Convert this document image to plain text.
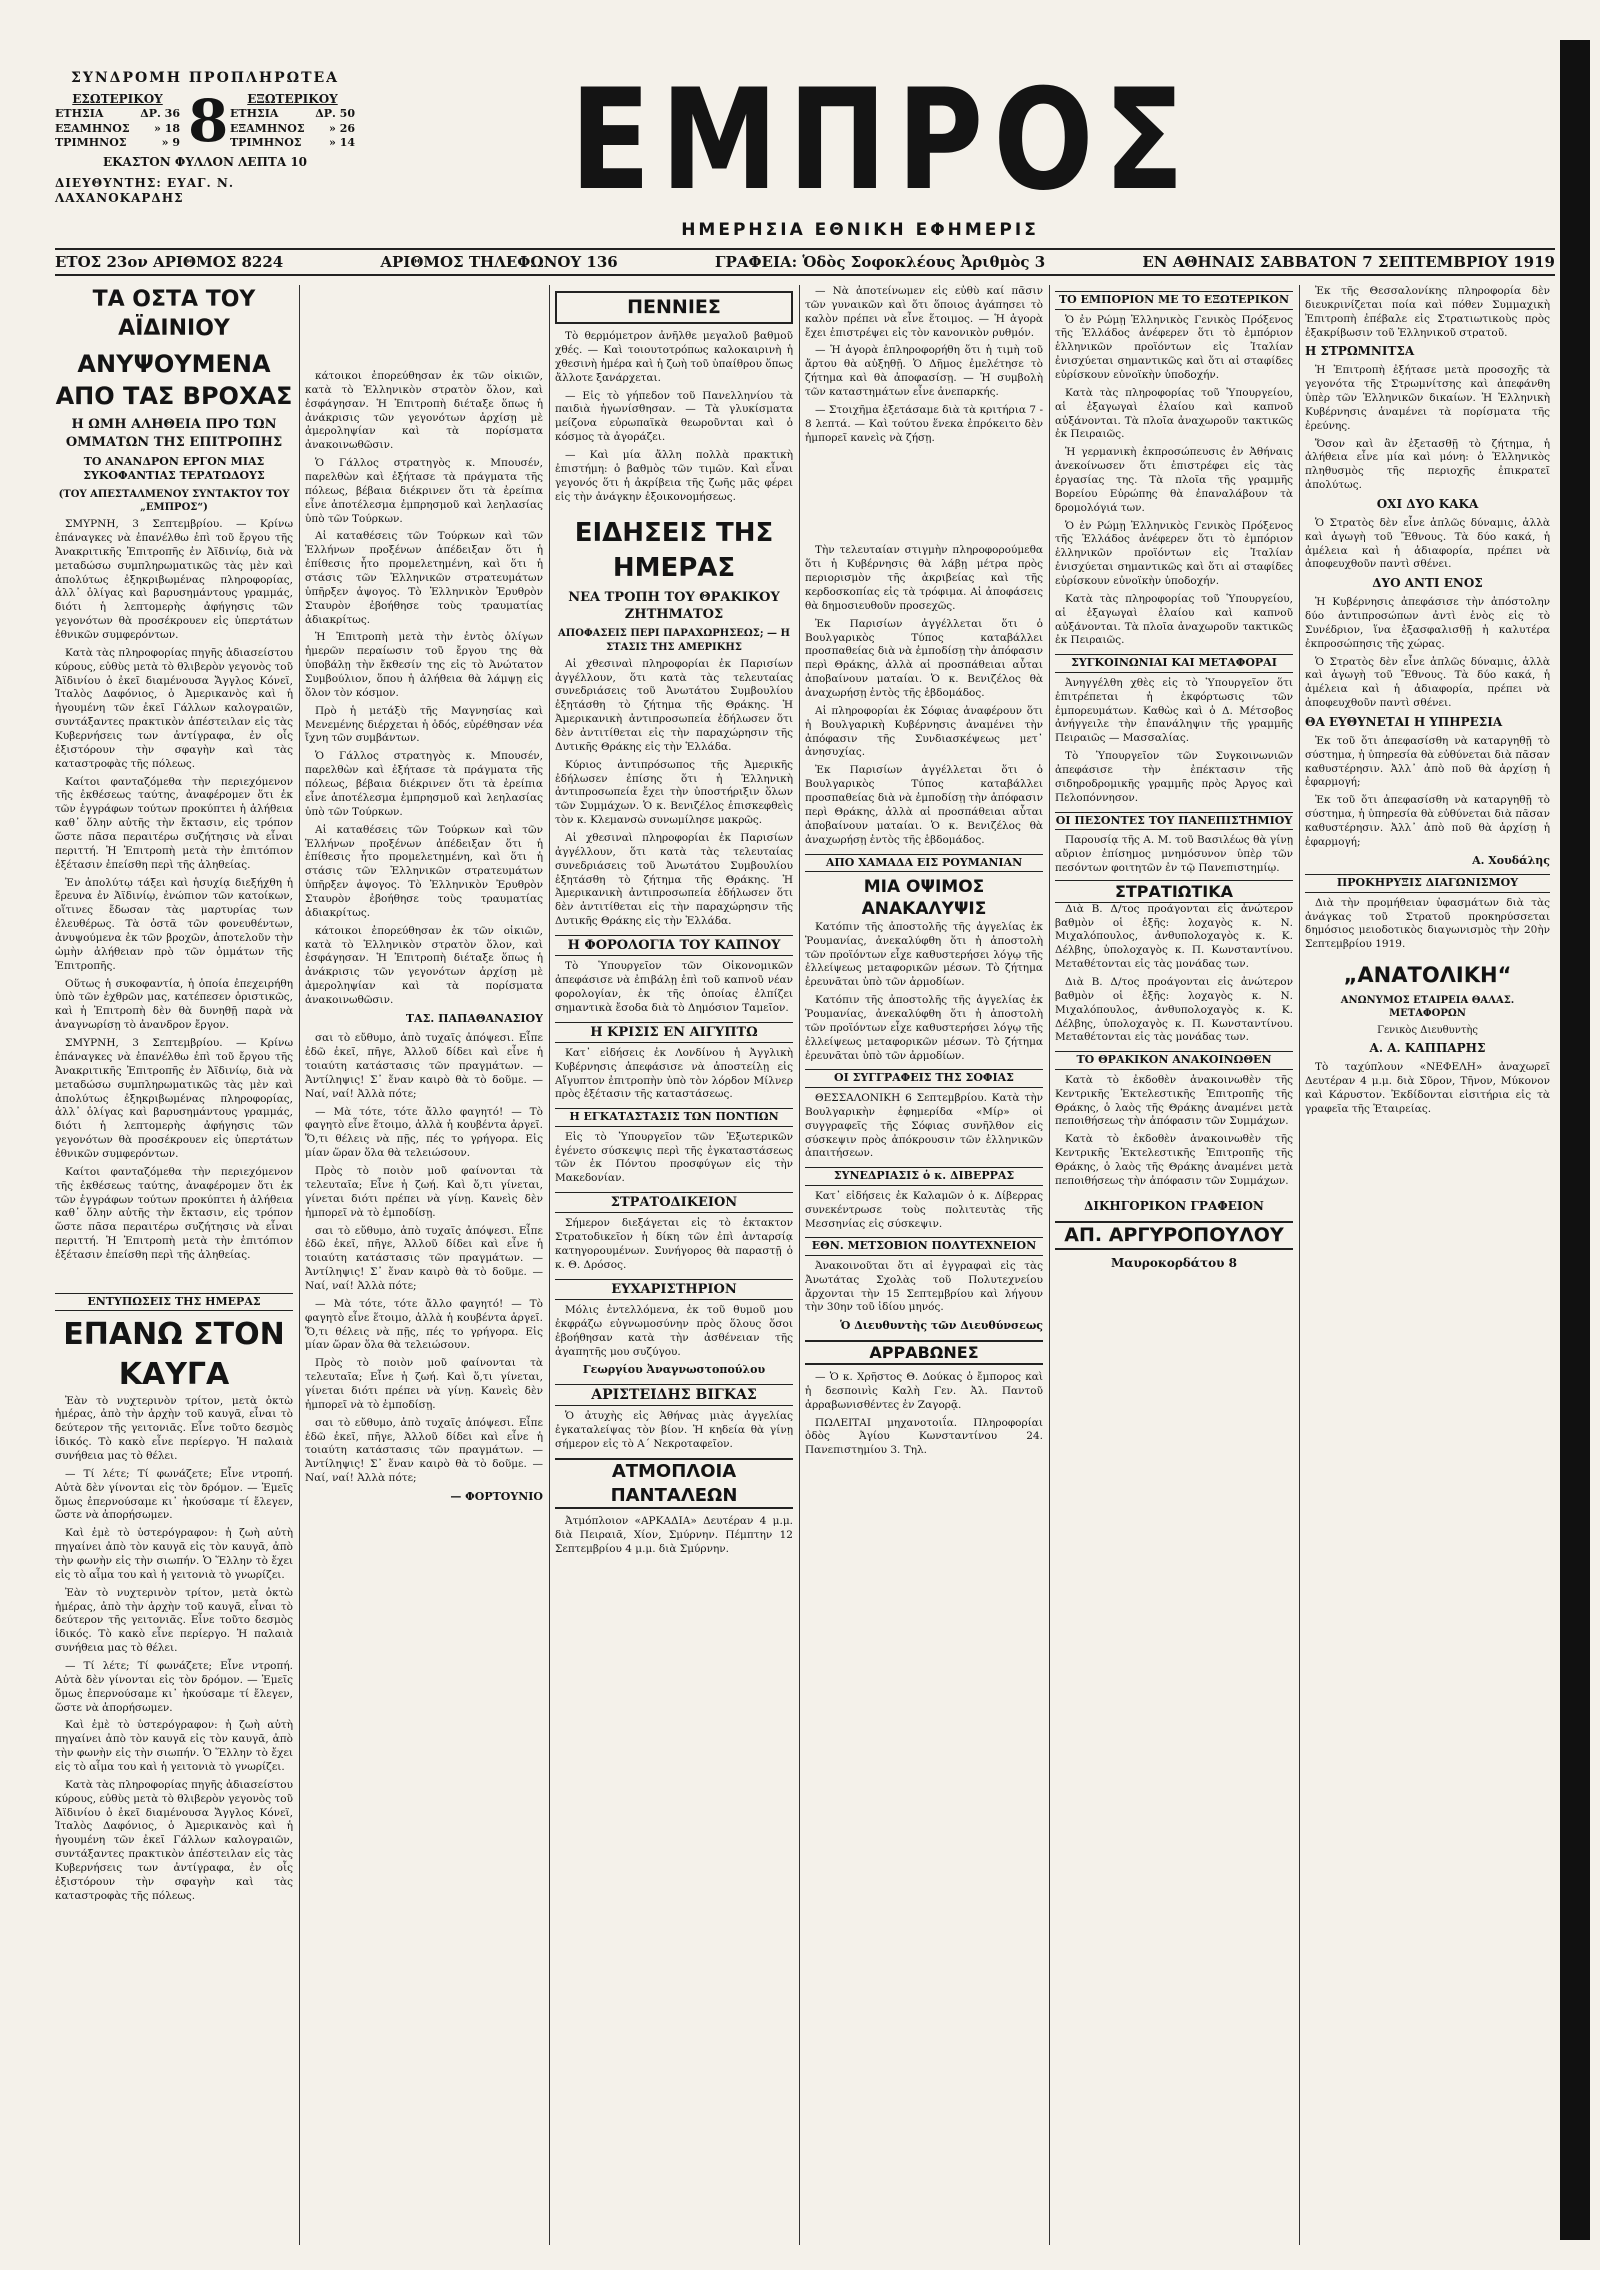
ΣΥΝΔΡΟΜΗ ΠΡΟΠΛΗΡΩΤΕΑ
ΕΣΩΤΕΡΙΚΟΥ
ΕΤΗΣΙΑ	ΔΡ. 36
ΕΞΑΜΗΝΟΣ » 18
ΤΡΙΜΗΝΟΣ	» 9
ΕΞΩΤΕΡΙΚΟΥ
ΕΤΗΣΙΑ	ΔΡ. 50
ΕΞΑΜΗΝΟΣ » 26
ΤΡΙΜΗΝΟΣ » 14
8
ΕΚΑΣΤΟΝ ΦΥΛΛΟΝ ΛΕΠΤΑ 10
ΔΙΕΥΘΥΝΤΗΣ: ΕΥΑΓ. Ν. ΛΑΧΑΝΟΚΑΡΔΗΣ	ΕΜΠΡΟΣ
ΗΜΕΡΗΣΙΑ ΕΘΝΙΚΗ ΕΦΗΜΕΡΙΣ
ΕΤΟΣ 23ον ΑΡΙΘΜΟΣ 8224	ΑΡΙΘΜΟΣ ΤΗΛΕΦΩΝΟΥ 136	ΓΡΑΦΕΙΑ: Ὁδὸς Σοφοκλέους Ἀριθμὸς 3	ΕΝ ΑΘΗΝΑΙΣ ΣΑΒΒΑΤΟΝ 7 ΣΕΠΤΕΜΒΡΙΟΥ 1919
ΤΑ ΟΣΤΑ ΤΟΥ ΑΪΔΙΝΙΟΥ
ΑΝΥΨΟΥΜΕΝΑ ΑΠΟ ΤΑΣ ΒΡΟΧΑΣ
Η ΩΜΗ ΑΛΗΘΕΙΑ ΠΡΟ ΤΩΝ ΟΜΜΑΤΩΝ ΤΗΣ ΕΠΙΤΡΟΠΗΣ
ΤΟ ΑΝΑΝΔΡΟΝ ΕΡΓΟΝ ΜΙΑΣ ΣΥΚΟΦΑΝΤΙΑΣ ΤΕΡΑΤΩΔΟΥΣ
(ΤΟΥ ΑΠΕΣΤΑΛΜΕΝΟΥ ΣΥΝΤΑΚΤΟΥ ΤΟΥ „ΕΜΠΡΟΣ“)

ΣΜΥΡΝΗ, 3 Σεπτεμβρίου. — Κρίνω ἐπάναγκες νὰ ἐπανέλθω ἐπὶ τοῦ ἔργου τῆς Ἀνακριτικῆς Ἐπιτροπῆς ἐν Ἀϊδινίῳ, διὰ νὰ μεταδώσω συμπληρωματικῶς τὰς μὲν καὶ ἀπολύτως ἐξηκριβωμένας πληροφορίας, ἀλλ᾽ ὀλίγας καὶ βαρυσημάντους γραμμάς, διότι ἡ λεπτομερὴς ἀφήγησις τῶν γεγονότων θὰ προσέκρουεν εἰς ὑπερτάτων ἐθνικῶν συμφερόντων.

Κατὰ τὰς πληροφορίας πηγῆς ἀδιασείστου κύρους, εὐθὺς μετὰ τὸ θλιβερὸν γεγονὸς τοῦ Ἀϊδινίου ὁ ἐκεῖ διαμένουσα Ἄγγλος Κόνεϊ, Ἰταλὸς Δαφόνιος, ὁ Ἀμερικανὸς καὶ ἡ ἡγουμένη τῶν ἐκεῖ Γάλλων καλογραιῶν, συντάξαντες πρακτικὸν ἀπέστειλαν εἰς τὰς Κυβερνήσεις των ἀντίγραφα, ἐν οἷς ἐξιστόρουν τὴν σφαγὴν καὶ τὰς καταστροφὰς τῆς πόλεως.

Καίτοι φανταζόμεθα τὴν περιεχόμενον τῆς ἐκθέσεως ταύτης, ἀναφέρομεν ὅτι ἐκ τῶν ἐγγράφων τούτων προκύπτει ἡ ἀλήθεια καθ᾽ ὅλην αὐτῆς τὴν ἔκτασιν, εἰς τρόπον ὥστε πᾶσα περαιτέρω συζήτησις νὰ εἶναι περιττή. Ἡ Ἐπιτροπὴ μετὰ τὴν ἐπιτόπιον ἐξέτασιν ἐπείσθη περὶ τῆς ἀληθείας.

Ἐν ἀπολύτῳ τάξει καὶ ἡσυχίᾳ διεξήχθη ἡ ἔρευνα ἐν Ἀϊδινίῳ, ἐνώπιον τῶν κατοίκων, οἵτινες ἔδωσαν τὰς μαρτυρίας των ἐλευθέρως. Τὰ ὀστᾶ τῶν φονευθέντων, ἀνυψούμενα ἐκ τῶν βροχῶν, ἀποτελοῦν τὴν ὠμὴν ἀλήθειαν πρὸ τῶν ὀμμάτων τῆς Ἐπιτροπῆς.

Οὕτως ἡ συκοφαντία, ἡ ὁποία ἐπεχειρήθη ὑπὸ τῶν ἐχθρῶν μας, κατέπεσεν ὁριστικῶς, καὶ ἡ Ἐπιτροπὴ δὲν θὰ δυνηθῇ παρὰ νὰ ἀναγνωρίσῃ τὸ ἀνανδρον ἔργον.

ΣΜΥΡΝΗ, 3 Σεπτεμβρίου. — Κρίνω ἐπάναγκες νὰ ἐπανέλθω ἐπὶ τοῦ ἔργου τῆς Ἀνακριτικῆς Ἐπιτροπῆς ἐν Ἀϊδινίῳ, διὰ νὰ μεταδώσω συμπληρωματικῶς τὰς μὲν καὶ ἀπολύτως ἐξηκριβωμένας πληροφορίας, ἀλλ᾽ ὀλίγας καὶ βαρυσημάντους γραμμάς, διότι ἡ λεπτομερὴς ἀφήγησις τῶν γεγονότων θὰ προσέκρουεν εἰς ὑπερτάτων ἐθνικῶν συμφερόντων.

Καίτοι φανταζόμεθα τὴν περιεχόμενον τῆς ἐκθέσεως ταύτης, ἀναφέρομεν ὅτι ἐκ τῶν ἐγγράφων τούτων προκύπτει ἡ ἀλήθεια καθ᾽ ὅλην αὐτῆς τὴν ἔκτασιν, εἰς τρόπον ὥστε πᾶσα περαιτέρω συζήτησις νὰ εἶναι περιττή. Ἡ Ἐπιτροπὴ μετὰ τὴν ἐπιτόπιον ἐξέτασιν ἐπείσθη περὶ τῆς ἀληθείας.

ΕΝΤΥΠΩΣΕΙΣ ΤΗΣ ΗΜΕΡΑΣ
ΕΠΑΝΩ ΣΤΟΝ ΚΑΥΓΑ

Ἐὰν τὸ νυχτερινὸν τρίτον, μετὰ ὀκτὼ ἡμέρας, ἀπὸ τὴν ἀρχὴν τοῦ καυγᾶ, εἶναι τὸ δεύτερον τῆς γειτονιᾶς. Εἶνε τοῦτο δεσμὸς ἰδικός. Τὸ κακὸ εἶνε περίεργο. Ἡ παλαιὰ συνήθεια μας τὸ θέλει.

— Τί λέτε; Τί φωνάζετε; Εἶνε ντροπή. Αὐτὰ δὲν γίνονται εἰς τὸν δρόμον. — Ἐμεῖς ὅμως ἐπερνούσαμε κι᾽ ἠκούσαμε τί ἔλεγεν, ὥστε νὰ ἀπορήσωμεν.

Καὶ ἐμὲ τὸ ὑστερόγραφον: ἡ ζωὴ αὐτὴ πηγαίνει ἀπὸ τὸν καυγᾶ εἰς τὸν καυγᾶ, ἀπὸ τὴν φωνὴν εἰς τὴν σιωπήν. Ὁ Ἕλλην τὸ ἔχει εἰς τὸ αἷμα του καὶ ἡ γειτονιὰ τὸ γνωρίζει.

Ἐὰν τὸ νυχτερινὸν τρίτον, μετὰ ὀκτὼ ἡμέρας, ἀπὸ τὴν ἀρχὴν τοῦ καυγᾶ, εἶναι τὸ δεύτερον τῆς γειτονιᾶς. Εἶνε τοῦτο δεσμὸς ἰδικός. Τὸ κακὸ εἶνε περίεργο. Ἡ παλαιὰ συνήθεια μας τὸ θέλει.

— Τί λέτε; Τί φωνάζετε; Εἶνε ντροπή. Αὐτὰ δὲν γίνονται εἰς τὸν δρόμον. — Ἐμεῖς ὅμως ἐπερνούσαμε κι᾽ ἠκούσαμε τί ἔλεγεν, ὥστε νὰ ἀπορήσωμεν.

Καὶ ἐμὲ τὸ ὑστερόγραφον: ἡ ζωὴ αὐτὴ πηγαίνει ἀπὸ τὸν καυγᾶ εἰς τὸν καυγᾶ, ἀπὸ τὴν φωνὴν εἰς τὴν σιωπήν. Ὁ Ἕλλην τὸ ἔχει εἰς τὸ αἷμα του καὶ ἡ γειτονιὰ τὸ γνωρίζει.

Κατὰ τὰς πληροφορίας πηγῆς ἀδιασείστου κύρους, εὐθὺς μετὰ τὸ θλιβερὸν γεγονὸς τοῦ Ἀϊδινίου ὁ ἐκεῖ διαμένουσα Ἄγγλος Κόνεϊ, Ἰταλὸς Δαφόνιος, ὁ Ἀμερικανὸς καὶ ἡ ἡγουμένη τῶν ἐκεῖ Γάλλων καλογραιῶν, συντάξαντες πρακτικὸν ἀπέστειλαν εἰς τὰς Κυβερνήσεις των ἀντίγραφα, ἐν οἷς ἐξιστόρουν τὴν σφαγὴν καὶ τὰς καταστροφὰς τῆς πόλεως.

κάτοικοι ἐπορεύθησαν ἐκ τῶν οἰκιῶν, κατὰ τὸ Ἑλληνικὸν στρατὸν ὅλον, καὶ ἐσφάγησαν. Ἡ Ἐπιτροπὴ διέταξε ὅπως ἡ ἀνάκρισις τῶν γεγονότων ἀρχίσῃ μὲ ἀμεροληψίαν καὶ τὰ πορίσματα ἀνακοινωθῶσιν.

Ὁ Γάλλος στρατηγὸς κ. Μπουσέν, παρελθὼν καὶ ἐξήτασε τὰ πράγματα τῆς πόλεως, βέβαια διέκρινεν ὅτι τὰ ἐρείπια εἶνε ἀποτέλεσμα ἐμπρησμοῦ καὶ λεηλασίας ὑπὸ τῶν Τούρκων.

Αἱ καταθέσεις τῶν Τούρκων καὶ τῶν Ἑλλήνων προξένων ἀπέδειξαν ὅτι ἡ ἐπίθεσις ἦτο προμελετημένη, καὶ ὅτι ἡ στάσις τῶν Ἑλληνικῶν στρατευμάτων ὑπῆρξεν ἀψογος. Τὸ Ἑλληνικὸν Ἐρυθρὸν Σταυρὸν ἐβοήθησε τοὺς τραυματίας ἀδιακρίτως.

Ἡ Ἐπιτροπὴ μετὰ τὴν ἐντὸς ὀλίγων ἡμερῶν περαίωσιν τοῦ ἔργου της θὰ ὑποβάλῃ τὴν ἔκθεσίν της εἰς τὸ Ἀνώτατον Συμβούλιον, ὅπου ἡ ἀλήθεια θὰ λάμψῃ εἰς ὅλον τὸν κόσμον.

Πρὸ ἡ μετάξὺ τῆς Μαγνησίας καὶ Μενεμένης διέρχεται ἡ ὁδός, εὑρέθησαν νέα ἴχνη τῶν συμβάντων.

Ὁ Γάλλος στρατηγὸς κ. Μπουσέν, παρελθὼν καὶ ἐξήτασε τὰ πράγματα τῆς πόλεως, βέβαια διέκρινεν ὅτι τὰ ἐρείπια εἶνε ἀποτέλεσμα ἐμπρησμοῦ καὶ λεηλασίας ὑπὸ τῶν Τούρκων.

Αἱ καταθέσεις τῶν Τούρκων καὶ τῶν Ἑλλήνων προξένων ἀπέδειξαν ὅτι ἡ ἐπίθεσις ἦτο προμελετημένη, καὶ ὅτι ἡ στάσις τῶν Ἑλληνικῶν στρατευμάτων ὑπῆρξεν ἀψογος. Τὸ Ἑλληνικὸν Ἐρυθρὸν Σταυρὸν ἐβοήθησε τοὺς τραυματίας ἀδιακρίτως.

κάτοικοι ἐπορεύθησαν ἐκ τῶν οἰκιῶν, κατὰ τὸ Ἑλληνικὸν στρατὸν ὅλον, καὶ ἐσφάγησαν. Ἡ Ἐπιτροπὴ διέταξε ὅπως ἡ ἀνάκρισις τῶν γεγονότων ἀρχίσῃ μὲ ἀμεροληψίαν καὶ τὰ πορίσματα ἀνακοινωθῶσιν.

ΤΑΣ. ΠΑΠΑΘΑΝΑΣΙΟΥ

σαι τὸ εὔθυμο, ἀπὸ τυχαῖς ἀπόψεσι. Εἶπε ἐδῶ ἐκεῖ, πῆγε, Ἀλλοῦ δίδει καὶ εἶνε ἡ τοιαύτη κατάστασις τῶν πραγμάτων. — Ἀντίληψις! Σ᾽ ἕναν καιρὸ θὰ τὸ δοῦμε. — Ναί, ναί! Ἀλλὰ πότε;

— Μὰ τότε, τότε ἄλλο φαγητό! — Τὸ φαγητὸ εἶνε ἕτοιμο, ἀλλὰ ἡ κουβέντα ἀργεῖ. Ὅ,τι θέλεις νὰ πῇς, πές το γρήγορα. Εἰς μίαν ὥραν ὅλα θὰ τελειώσουν.

Πρὸς τὸ ποιὸν μοῦ φαίνονται τὰ τελευταῖα; Εἶνε ἡ ζωή. Καὶ ὅ,τι γίνεται, γίνεται διότι πρέπει νὰ γίνῃ. Κανεὶς δὲν ἠμπορεῖ νὰ τὸ ἐμποδίσῃ.

σαι τὸ εὔθυμο, ἀπὸ τυχαῖς ἀπόψεσι. Εἶπε ἐδῶ ἐκεῖ, πῆγε, Ἀλλοῦ δίδει καὶ εἶνε ἡ τοιαύτη κατάστασις τῶν πραγμάτων. — Ἀντίληψις! Σ᾽ ἕναν καιρὸ θὰ τὸ δοῦμε. — Ναί, ναί! Ἀλλὰ πότε;

— Μὰ τότε, τότε ἄλλο φαγητό! — Τὸ φαγητὸ εἶνε ἕτοιμο, ἀλλὰ ἡ κουβέντα ἀργεῖ. Ὅ,τι θέλεις νὰ πῇς, πές το γρήγορα. Εἰς μίαν ὥραν ὅλα θὰ τελειώσουν.

Πρὸς τὸ ποιὸν μοῦ φαίνονται τὰ τελευταῖα; Εἶνε ἡ ζωή. Καὶ ὅ,τι γίνεται, γίνεται διότι πρέπει νὰ γίνῃ. Κανεὶς δὲν ἠμπορεῖ νὰ τὸ ἐμποδίσῃ.

σαι τὸ εὔθυμο, ἀπὸ τυχαῖς ἀπόψεσι. Εἶπε ἐδῶ ἐκεῖ, πῆγε, Ἀλλοῦ δίδει καὶ εἶνε ἡ τοιαύτη κατάστασις τῶν πραγμάτων. — Ἀντίληψις! Σ᾽ ἕναν καιρὸ θὰ τὸ δοῦμε. — Ναί, ναί! Ἀλλὰ πότε;

— ΦΟΡΤΟΥΝΙΟ
ΠΕΝΝΙΕΣ

Τὸ θερμόμετρον ἀνῆλθε μεγαλοῦ βαθμοῦ χθές. — Καὶ τοιουτοτρόπως καλοκαιρινὴ ἡ χθεσινὴ ἡμέρα καὶ ἡ ζωὴ τοῦ ὑπαίθρου ὅπως ἄλλοτε ξανάρχεται.

— Εἰς τὸ γήπεδον τοῦ Πανελληνίου τὰ παιδιὰ ἠγωνίσθησαν. — Τὰ γλυκίσματα μείζονα εὐρωπαϊκὰ θεωροῦνται καὶ ὁ κόσμος τὰ ἀγοράζει.

— Καὶ μία ἄλλη πολλὰ πρακτικὴ ἐπιστήμη: ὁ βαθμὸς τῶν τιμῶν. Καὶ εἶναι γεγονός ὅτι ἡ ἀκρίβεια τῆς ζωῆς μᾶς φέρει εἰς τὴν ἀνάγκην ἐξοικονομήσεως.

ΕΙΔΗΣΕΙΣ ΤΗΣ ΗΜΕΡΑΣ
ΝΕΑ ΤΡΟΠΗ ΤΟΥ ΘΡΑΚΙΚΟΥ ΖΗΤΗΜΑΤΟΣ
ΑΠΟΦΑΣΕΙΣ ΠΕΡΙ ΠΑΡΑΧΩΡΗΣΕΩΣ; — Η ΣΤΑΣΙΣ ΤΗΣ ΑΜΕΡΙΚΗΣ

Αἱ χθεσιναὶ πληροφορίαι ἐκ Παρισίων ἀγγέλλουν, ὅτι κατὰ τὰς τελευταίας συνεδριάσεις τοῦ Ἀνωτάτου Συμβουλίου ἐξητάσθη τὸ ζήτημα τῆς Θράκης. Ἡ Ἀμερικανικὴ ἀντιπροσωπεία ἐδήλωσεν ὅτι δὲν ἀντιτίθεται εἰς τὴν παραχώρησιν τῆς Δυτικῆς Θράκης εἰς τὴν Ἑλλάδα.

Κύριος ἀντιπρόσωπος τῆς Ἀμερικῆς ἐδήλωσεν ἐπίσης ὅτι ἡ Ἑλληνικὴ ἀντιπροσωπεία ἔχει τὴν ὑποστήριξιν ὅλων τῶν Συμμάχων. Ὁ κ. Βενιζέλος ἐπισκεφθεὶς τὸν κ. Κλεμανσὼ συνωμίλησε μακρῶς.

Αἱ χθεσιναὶ πληροφορίαι ἐκ Παρισίων ἀγγέλλουν, ὅτι κατὰ τὰς τελευταίας συνεδριάσεις τοῦ Ἀνωτάτου Συμβουλίου ἐξητάσθη τὸ ζήτημα τῆς Θράκης. Ἡ Ἀμερικανικὴ ἀντιπροσωπεία ἐδήλωσεν ὅτι δὲν ἀντιτίθεται εἰς τὴν παραχώρησιν τῆς Δυτικῆς Θράκης εἰς τὴν Ἑλλάδα.

Η ΦΟΡΟΛΟΓΙΑ ΤΟΥ ΚΑΠΝΟΥ

Τὸ Ὑπουργεῖον τῶν Οἰκονομικῶν ἀπεφάσισε νὰ ἐπιβάλῃ ἐπὶ τοῦ καπνοῦ νέαν φορολογίαν, ἐκ τῆς ὁποίας ἐλπίζει σημαντικὰ ἔσοδα διὰ τὸ Δημόσιον Ταμεῖον.

Η ΚΡΙΣΙΣ ΕΝ ΑΙΓΥΠΤΩ

Κατ᾽ εἰδήσεις ἐκ Λονδίνου ἡ Ἀγγλικὴ Κυβέρνησις ἀπεφάσισε νὰ ἀποστείλῃ εἰς Αἴγυπτον ἐπιτροπὴν ὑπὸ τὸν λόρδον Μίλνερ πρὸς ἐξέτασιν τῆς καταστάσεως.

Η ΕΓΚΑΤΑΣΤΑΣΙΣ ΤΩΝ ΠΟΝΤΙΩΝ

Εἰς τὸ Ὑπουργεῖον τῶν Ἐξωτερικῶν ἐγένετο σύσκεψις περὶ τῆς ἐγκαταστάσεως τῶν ἐκ Πόντου προσφύγων εἰς τὴν Μακεδονίαν.

ΣΤΡΑΤΟΔΙΚΕΙΟΝ

Σήμερον διεξάγεται εἰς τὸ ἐκτακτον Στρατοδικεῖον ἡ δίκη τῶν ἐπὶ ἀνταρσίᾳ κατηγορουμένων. Συνήγορος θὰ παραστῇ ὁ κ. Θ. Δρόσος.

ΕΥΧΑΡΙΣΤΗΡΙΟΝ

Μόλις ἐντελλόμενα, ἐκ τοῦ θυμοῦ μου ἐκφράζω εὐγνωμοσύνην πρὸς ὅλους ὅσοι ἐβοήθησαν κατὰ τὴν ἀσθένειαν τῆς ἀγαπητῆς μου συζύγου.

Γεωργίου Ἀναγνωστοπούλου
ΑΡΙΣΤΕΙΔΗΣ ΒΙΓΚΑΣ

Ὁ ἀτυχὴς εἰς Ἀθήνας μιὰς ἀγγελίας ἐγκαταλείψας τὸν βίον. Ἡ κηδεία θὰ γίνῃ σήμερον εἰς τὸ Α΄ Νεκροταφεῖον.

ΑΤΜΟΠΛΟΙΑ ΠΑΝΤΑΛΕΩΝ

Ἀτμόπλοιον «ΑΡΚΑΔΙΑ» Δευτέραν 4 μ.μ. διὰ Πειραιᾶ, Χίον, Σμύρνην. Πέμπτην 12 Σεπτεμβρίου 4 μ.μ. διὰ Σμύρνην.

— Νὰ ἀποτείνωμεν εἰς εὐθὺ καί πᾶσιν τῶν γυναικῶν καὶ ὅτι ὅποιος ἀγάπησει τὸ καλὸν πρέπει νὰ εἶνε ἕτοιμος. — Ἡ ἀγορὰ ἔχει ἐπιστρέψει εἰς τὸν κανονικὸν ρυθμόν.

— Ἡ ἀγορὰ ἐπληροφορήθη ὅτι ἡ τιμὴ τοῦ ἄρτου θὰ αὐξηθῇ. Ὁ Δῆμος ἐμελέτησε τὸ ζήτημα καὶ θὰ ἀποφασίσῃ. — Ἡ συμβολὴ τῶν καταστημάτων εἶνε ἀνεπαρκής.

— Στοιχῆμα ἐξετάσαμε διὰ τὰ κριτήρια 7 - 8 λεπτά. — Καὶ τούτου ἕνεκα ἐπρόκειτο δὲν ἠμπορεῖ κανεὶς νὰ ζήσῃ.

Τὴν τελευταίαν στιγμὴν πληροφορούμεθα ὅτι ἡ Κυβέρνησις θὰ λάβῃ μέτρα πρὸς περιορισμὸν τῆς ἀκριβείας καὶ τῆς κερδοσκοπίας εἰς τὰ τρόφιμα. Αἱ ἀποφάσεις θὰ δημοσιευθοῦν προσεχῶς.

Ἐκ Παρισίων ἀγγέλλεται ὅτι ὁ Βουλγαρικὸς Τύπος καταβάλλει προσπαθείας διὰ νὰ ἐμποδίσῃ τὴν ἀπόφασιν περὶ Θράκης, ἀλλὰ αἱ προσπάθειαι αὗται ἀποβαίνουν ματαίαι. Ὁ κ. Βενιζέλος θὰ ἀναχωρήσῃ ἐντὸς τῆς ἑβδομάδος.

Αἱ πληροφορίαι ἐκ Σόφιας ἀναφέρουν ὅτι ἡ Βουλγαρικὴ Κυβέρνησις ἀναμένει τὴν ἀπόφασιν τῆς Συνδιασκέψεως μετ᾽ ἀνησυχίας.

Ἐκ Παρισίων ἀγγέλλεται ὅτι ὁ Βουλγαρικὸς Τύπος καταβάλλει προσπαθείας διὰ νὰ ἐμποδίσῃ τὴν ἀπόφασιν περὶ Θράκης, ἀλλὰ αἱ προσπάθειαι αὗται ἀποβαίνουν ματαίαι. Ὁ κ. Βενιζέλος θὰ ἀναχωρήσῃ ἐντὸς τῆς ἑβδομάδος.

ΑΠΟ ΧΑΜΑΔΑ ΕΙΣ ΡΟΥΜΑΝΙΑΝ
ΜΙΑ ΟΨΙΜΟΣ ΑΝΑΚΑΛΥΨΙΣ

Κατόπιν τῆς ἀποστολῆς τῆς ἀγγελίας ἐκ Ῥουμανίας, ἀνεκαλύφθη ὅτι ἡ ἀποστολὴ τῶν προϊόντων εἶχε καθυστερήσει λόγῳ τῆς ἐλλείψεως μεταφορικῶν μέσων. Τὸ ζήτημα ἐρευνᾶται ὑπὸ τῶν ἀρμοδίων.

Κατόπιν τῆς ἀποστολῆς τῆς ἀγγελίας ἐκ Ῥουμανίας, ἀνεκαλύφθη ὅτι ἡ ἀποστολὴ τῶν προϊόντων εἶχε καθυστερήσει λόγῳ τῆς ἐλλείψεως μεταφορικῶν μέσων. Τὸ ζήτημα ἐρευνᾶται ὑπὸ τῶν ἀρμοδίων.

ΟΙ ΣΥΓΓΡΑΦΕΙΣ ΤΗΣ ΣΟΦΙΑΣ

ΘΕΣΣΑΛΟΝΙΚΗ 6 Σεπτεμβρίου. Κατὰ τὴν Βουλγαρικὴν ἐφημερίδα «Μίρ» οἱ συγγραφεῖς τῆς Σόφιας συνῆλθον εἰς σύσκεψιν πρὸς ἀπόκρουσιν τῶν ἑλληνικῶν ἀπαιτήσεων.

ΣΥΝΕΔΡΙΑΣΙΣ ὁ κ. ΔΙΒΕΡΡΑΣ

Κατ᾽ εἰδήσεις ἐκ Καλαμῶν ὁ κ. Δίβερρας συνεκέντρωσε τοὺς πολιτευτὰς τῆς Μεσσηνίας εἰς σύσκεψιν.

ΕΘΝ. ΜΕΤΣΟΒΙΟΝ ΠΟΛΥΤΕΧΝΕΙΟΝ

Ἀνακοινοῦται ὅτι αἱ ἐγγραφαὶ εἰς τὰς Ἀνωτάτας Σχολὰς τοῦ Πολυτεχνείου ἄρχονται τὴν 15 Σεπτεμβρίου καὶ λήγουν τὴν 30ην τοῦ ἰδίου μηνός.

Ὁ Διευθυντὴς τῶν Διευθύνσεως
ΑΡΡΑΒΩΝΕΣ

— Ὁ κ. Χρῆστος Θ. Δούκας ὁ ἔμπορος καὶ ἡ δεσποινὶς Καλὴ Γεν. Ἀλ. Παντοῦ ἀρραβωνισθέντες ἐν Ζαγορᾷ.

ΠΩΛΕΙΤΑΙ μηχανοτοιΐα. Πληροφορίαι ὁδὸς Ἀγίου Κωνσταντίνου 24. Πανεπιστημίου 3. Τηλ.

ΤΟ ΕΜΠΟΡΙΟΝ ΜΕ ΤΟ ΕΞΩΤΕΡΙΚΟΝ

Ὁ ἐν Ρώμῃ Ἑλληνικὸς Γενικὸς Πρόξενος τῆς Ἑλλάδος ἀνέφερεν ὅτι τὸ ἐμπόριον ἑλληνικῶν προϊόντων εἰς Ἰταλίαν ἐνισχύεται σημαντικῶς καὶ ὅτι αἱ σταφίδες εὑρίσκουν εὐνοϊκὴν ὑποδοχήν.

Κατὰ τὰς πληροφορίας τοῦ Ὑπουργείου, αἱ ἐξαγωγαὶ ἐλαίου καὶ καπνοῦ αὐξάνονται. Τὰ πλοῖα ἀναχωροῦν τακτικῶς ἐκ Πειραιῶς.

Ἡ γερμανικὴ ἐκπροσώπευσις ἐν Ἀθήναις ἀνεκοίνωσεν ὅτι ἐπιστρέφει εἰς τὰς ἐργασίας της. Τὰ πλοῖα τῆς γραμμῆς Βορείου Εὐρώπης θὰ ἐπαναλάβουν τὰ δρομολόγιά των.

Ὁ ἐν Ρώμῃ Ἑλληνικὸς Γενικὸς Πρόξενος τῆς Ἑλλάδος ἀνέφερεν ὅτι τὸ ἐμπόριον ἑλληνικῶν προϊόντων εἰς Ἰταλίαν ἐνισχύεται σημαντικῶς καὶ ὅτι αἱ σταφίδες εὑρίσκουν εὐνοϊκὴν ὑποδοχήν.

Κατὰ τὰς πληροφορίας τοῦ Ὑπουργείου, αἱ ἐξαγωγαὶ ἐλαίου καὶ καπνοῦ αὐξάνονται. Τὰ πλοῖα ἀναχωροῦν τακτικῶς ἐκ Πειραιῶς.

ΣΥΓΚΟΙΝΩΝΙΑΙ ΚΑΙ ΜΕΤΑΦΟΡΑΙ

Ἀνηγγέλθη χθὲς εἰς τὸ Ὑπουργεῖον ὅτι ἐπιτρέπεται ἡ ἐκφόρτωσις τῶν ἐμπορευμάτων. Καθὼς καὶ ὁ Δ. Μέτσοβος ἀνήγγειλε τὴν ἐπανάληψιν τῆς γραμμῆς Πειραιῶς — Μασσαλίας.

Τὸ Ὑπουργεῖον τῶν Συγκοινωνιῶν ἀπεφάσισε τὴν ἐπέκτασιν τῆς σιδηροδρομικῆς γραμμῆς πρὸς Ἀργος καὶ Πελοπόννησον.

ΟΙ ΠΕΣΟΝΤΕΣ ΤΟΥ ΠΑΝΕΠΙΣΤΗΜΙΟΥ

Παρουσίᾳ τῆς Α. Μ. τοῦ Βασιλέως θὰ γίνῃ αὔριον ἐπίσημος μνημόσυνον ὑπὲρ τῶν πεσόντων φοιτητῶν ἐν τῷ Πανεπιστημίῳ.

ΣΤΡΑΤΙΩΤΙΚΑ

Διὰ Β. Δ/τος προάγονται εἰς ἀνώτερον βαθμὸν οἱ ἑξῆς: λοχαγὸς κ. Ν. Μιχαλόπουλος, ἀνθυπολοχαγὸς κ. Κ. Δέλβης, ὑπολοχαγὸς κ. Π. Κωνσταντίνου. Μεταθέτονται εἰς τὰς μονάδας των.

Διὰ Β. Δ/τος προάγονται εἰς ἀνώτερον βαθμὸν οἱ ἑξῆς: λοχαγὸς κ. Ν. Μιχαλόπουλος, ἀνθυπολοχαγὸς κ. Κ. Δέλβης, ὑπολοχαγὸς κ. Π. Κωνσταντίνου. Μεταθέτονται εἰς τὰς μονάδας των.

ΤΟ ΘΡΑΚΙΚΟΝ ΑΝΑΚΟΙΝΩΘΕΝ

Κατὰ τὸ ἐκδοθὲν ἀνακοινωθὲν τῆς Κεντρικῆς Ἐκτελεστικῆς Ἐπιτροπῆς τῆς Θράκης, ὁ λαὸς τῆς Θράκης ἀναμένει μετὰ πεποιθήσεως τὴν ἀπόφασιν τῶν Συμμάχων.

Κατὰ τὸ ἐκδοθὲν ἀνακοινωθὲν τῆς Κεντρικῆς Ἐκτελεστικῆς Ἐπιτροπῆς τῆς Θράκης, ὁ λαὸς τῆς Θράκης ἀναμένει μετὰ πεποιθήσεως τὴν ἀπόφασιν τῶν Συμμάχων.

ΔΙΚΗΓΟΡΙΚΟΝ ΓΡΑΦΕΙΟΝ
ΑΠ. ΑΡΓΥΡΟΠΟΥΛΟΥ
Μαυροκορδάτου 8

Ἐκ τῆς Θεσσαλονίκης πληροφορία δὲν διευκρινίζεται ποία καὶ πόθεν Συμμαχικὴ Ἐπιτροπὴ ἐπέβαλε εἰς Στρατιωτικοὺς πρὸς ἐξακρίβωσιν τοῦ Ἑλληνικοῦ στρατοῦ.

Η ΣΤΡΩΜΝΙΤΣΑ

Ἡ Ἐπιτροπὴ ἐξήτασε μετὰ προσοχῆς τὰ γεγονότα τῆς Στρωμνίτσης καὶ ἀπεφάνθη ὑπὲρ τῶν Ἑλληνικῶν δικαίων. Ἡ Ἑλληνικὴ Κυβέρνησις ἀναμένει τὰ πορίσματα τῆς ἐρεύνης.

Ὅσον καὶ ἂν ἐξετασθῇ τὸ ζήτημα, ἡ ἀλήθεια εἶνε μία καὶ μόνη: ὁ Ἑλληνικὸς πληθυσμὸς τῆς περιοχῆς ἐπικρατεῖ ἀπολύτως.

ΟΧΙ ΔΥΟ ΚΑΚΑ

Ὁ Στρατὸς δὲν εἶνε ἁπλῶς δύναμις, ἀλλὰ καὶ ἀγωγὴ τοῦ Ἔθνους. Τὰ δύο κακά, ἡ ἀμέλεια καὶ ἡ ἀδιαφορία, πρέπει νὰ ἀποφευχθοῦν παντὶ σθένει.

ΔΥΟ ΑΝΤΙ ΕΝΟΣ

Ἡ Κυβέρνησις ἀπεφάσισε τὴν ἀπόστολην δύο ἀντιπροσώπων ἀντὶ ἑνὸς εἰς τὸ Συνέδριον, ἵνα ἐξασφαλισθῇ ἡ καλυτέρα ἐκπροσώπησις τῆς χώρας.

Ὁ Στρατὸς δὲν εἶνε ἁπλῶς δύναμις, ἀλλὰ καὶ ἀγωγὴ τοῦ Ἔθνους. Τὰ δύο κακά, ἡ ἀμέλεια καὶ ἡ ἀδιαφορία, πρέπει νὰ ἀποφευχθοῦν παντὶ σθένει.

ΘΑ ΕΥΘΥΝΕΤΑΙ Η ΥΠΗΡΕΣΙΑ

Ἐκ τοῦ ὅτι ἀπεφασίσθη νὰ καταργηθῇ τὸ σύστημα, ἡ ὑπηρεσία θὰ εὐθύνεται διὰ πᾶσαν καθυστέρησιν. Ἀλλ᾽ ἀπὸ ποῦ θὰ ἀρχίσῃ ἡ ἐφαρμογή;

Ἐκ τοῦ ὅτι ἀπεφασίσθη νὰ καταργηθῇ τὸ σύστημα, ἡ ὑπηρεσία θὰ εὐθύνεται διὰ πᾶσαν καθυστέρησιν. Ἀλλ᾽ ἀπὸ ποῦ θὰ ἀρχίσῃ ἡ ἐφαρμογή;

Α. Χουδάλης
ΠΡΟΚΗΡΥΞΙΣ ΔΙΑΓΩΝΙΣΜΟΥ

Διὰ τὴν προμήθειαν ὑφασμάτων διὰ τὰς ἀνάγκας τοῦ Στρατοῦ προκηρύσσεται δημόσιος μειοδοτικὸς διαγωνισμὸς τὴν 20ὴν Σεπτεμβρίου 1919.

„ΑΝΑΤΟΛΙΚΗ“
ΑΝΩΝΥΜΟΣ ΕΤΑΙΡΕΙΑ ΘΑΛΑΣ. ΜΕΤΑΦΟΡΩΝ
Γενικὸς Διευθυντὴς
Α. Α. ΚΑΠΠΑΡΗΣ

Τὸ ταχύπλουν «ΝΕΦΕΛΗ» ἀναχωρεῖ Δευτέραν 4 μ.μ. διὰ Σῦρον, Τῆνον, Μύκονον καὶ Κάρυστον. Ἐκδίδονται εἰσιτήρια εἰς τὰ γραφεῖα τῆς Ἑταιρείας.
